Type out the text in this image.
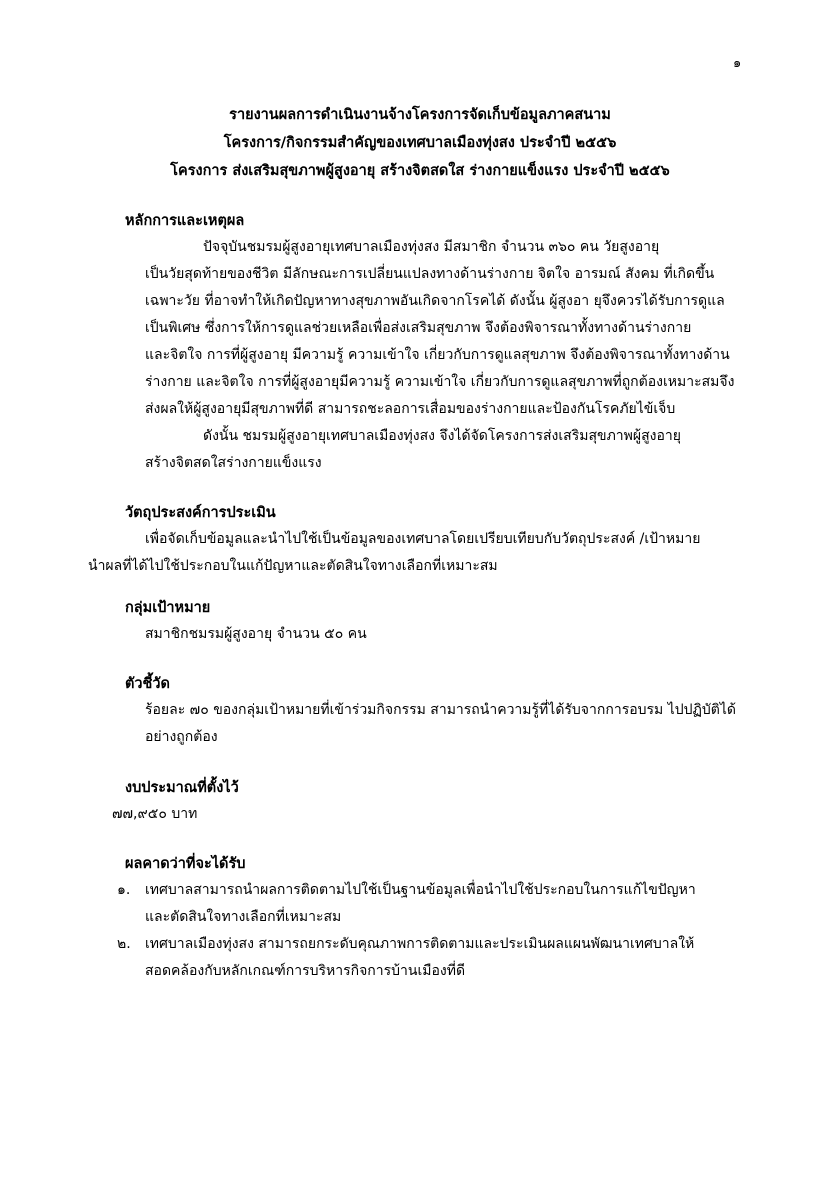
๑
รายงานผลการดำเนินงานจ้างโครงการจัดเก็บข้อมูลภาคสนาม
โครงการ/กิจกรรมสำคัญของเทศบาลเมืองทุ่งสง ประจำปี ๒๕๕๖
โครงการ ส่งเสริมสุขภาพผู้สูงอายุ สร้างจิตสดใส ร่างกายแข็งแรง ประจำปี ๒๕๕๖
หลักการและเหตุผล
ปัจจุบันชมรมผู้สูงอายุเทศบาลเมืองทุ่งสง มีสมาชิก จำนวน ๓๖๐ คน วัยสูงอายุ
เป็นวัยสุดท้ายของชีวิต มีลักษณะการเปลี่ยนแปลงทางด้านร่างกาย จิตใจ อารมณ์ สังคม ที่เกิดขึ้น
เฉพาะวัย ที่อาจทำให้เกิดปัญหาทางสุขภาพอันเกิดจากโรคได้ ดังนั้น ผู้สูงอา ยุจึงควรได้รับการดูแล
เป็นพิเศษ ซึ่งการให้การดูแลช่วยเหลือเพื่อส่งเสริมสุขภาพ จึงต้องพิจารณาทั้งทางด้านร่างกาย
และจิตใจ การที่ผู้สูงอายุ มีความรู้ ความเข้าใจ เกี่ยวกับการดูแลสุขภาพ จึงต้องพิจารณาทั้งทางด้าน
ร่างกาย และจิตใจ การที่ผู้สูงอายุมีความรู้ ความเข้าใจ เกี่ยวกับการดูแลสุขภาพที่ถูกต้องเหมาะสมจึง
ส่งผลให้ผู้สูงอายุมีสุขภาพที่ดี สามารถชะลอการเสื่อมของร่างกายและป้องกันโรคภัยไข้เจ็บ
ดังนั้น ชมรมผู้สูงอายุเทศบาลเมืองทุ่งสง จึงได้จัดโครงการส่งเสริมสุขภาพผู้สูงอายุ
สร้างจิตสดใสร่างกายแข็งแรง
วัตถุประสงค์การประเมิน
เพื่อจัดเก็บข้อมูลและนำไปใช้เป็นข้อมูลของเทศบาลโดยเปรียบเทียบกับวัตถุประสงค์ /เป้าหมาย
นำผลที่ได้ไปใช้ประกอบในแก้ปัญหาและตัดสินใจทางเลือกที่เหมาะสม
กลุ่มเป้าหมาย
สมาชิกชมรมผู้สูงอายุ จำนวน ๕๐ คน
ตัวชี้วัด
ร้อยละ ๗๐ ของกลุ่มเป้าหมายที่เข้าร่วมกิจกรรม สามารถนำความรู้ที่ได้รับจากการอบรม ไปปฏิบัติได้
อย่างถูกต้อง
งบประมาณที่ตั้งไว้
๗๗,๙๕๐ บาท
ผลคาดว่าที่จะได้รับ
๑. เทศบาลสามารถนำผลการติดตามไปใช้เป็นฐานข้อมูลเพื่อนำไปใช้ประกอบในการแก้ไขปัญหา
และตัดสินใจทางเลือกที่เหมาะสม
๒. เทศบาลเมืองทุ่งสง สามารถยกระดับคุณภาพการติดตามและประเมินผลแผนพัฒนาเทศบาลให้
สอดคล้องกับหลักเกณฑ์การบริหารกิจการบ้านเมืองที่ดี
